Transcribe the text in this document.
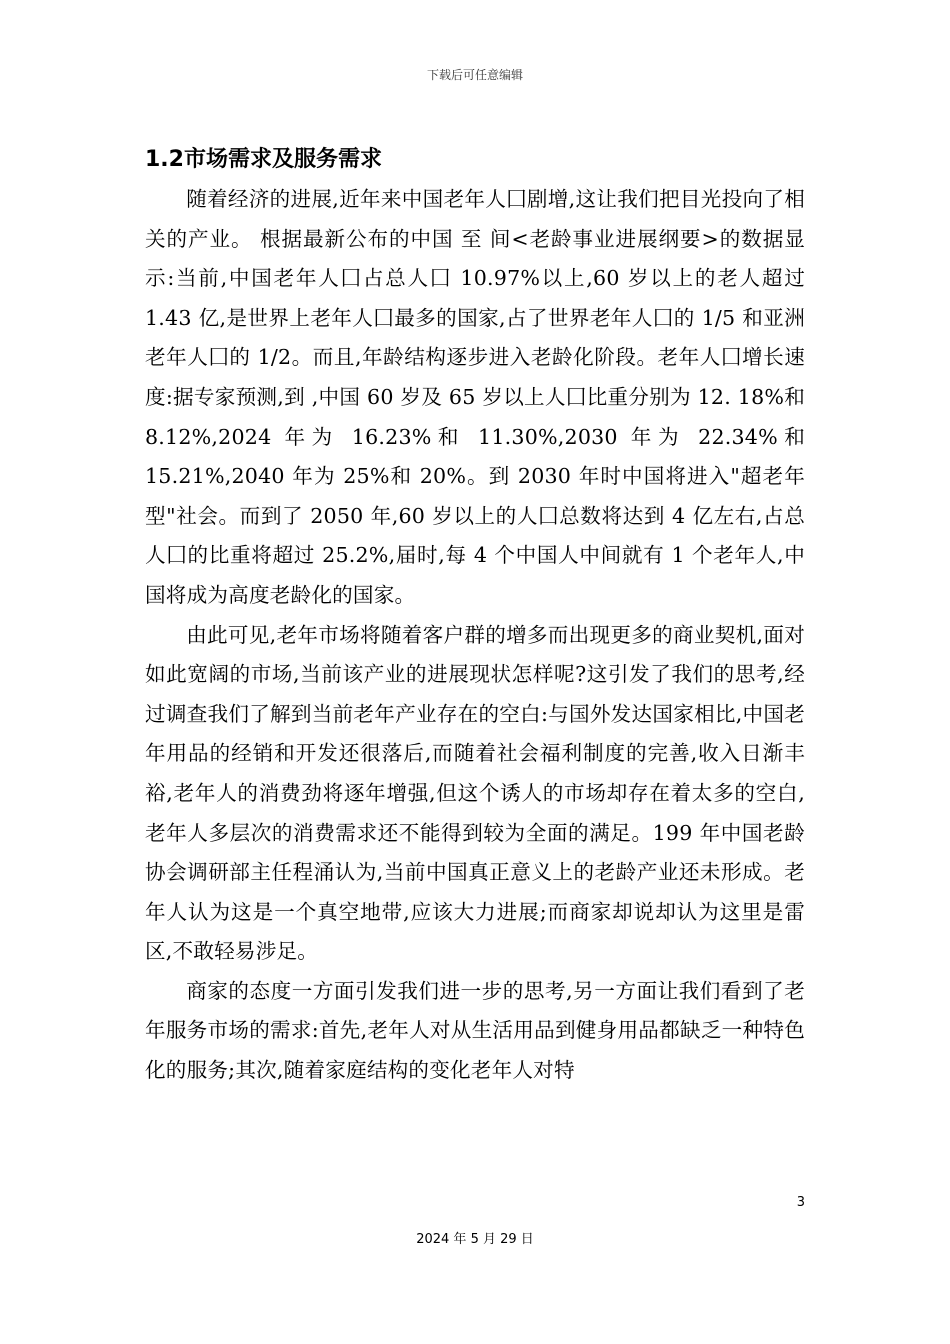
下载后可任意编辑
1.2市场需求及服务需求

随着经济的进展,近年来中国老年人囗剧增,这让我们把目光投向了相关的产业。 根据最新公布的中国 至 间<老龄事业进展纲要>的数据显示:当前,中国老年人囗占总人囗 10.97%以上,60 岁以上的老人超过 1.43 亿,是世界上老年人囗最多的国家,占了世界老年人囗的 1/5 和亚洲老年人囗的 1/2。而且,年龄结构逐步进入老龄化阶段。老年人囗增长速度:据专家预测,到 ,中国 60 岁及 65 岁以上人囗比重分别为 12. 18%和 8.12%,2024 年为 16.23%和 11.30%,2030 年为 22.34%和 15.21%,2040 年为 25%和 20%。到 2030 年时中国将进入"超老年型"社会。而到了 2050 年,60 岁以上的人囗总数将达到 4 亿左右,占总人囗的比重将超过 25.2%,届时,每 4 个中国人中间就有 1 个老年人,中国将成为高度老龄化的国家。

由此可见,老年市场将随着客户群的增多而出现更多的商业契机,面对如此宽阔的市场,当前该产业的进展现状怎样呢?这引发了我们的思考,经过调查我们了解到当前老年产业存在的空白:与国外发达国家相比,中国老年用品的经销和开发还很落后,而随着社会福利制度的完善,收入日渐丰裕,老年人的消费劲将逐年增强,但这个诱人的市场却存在着太多的空白,老年人多层次的消费需求还不能得到较为全面的满足。199 年中国老龄协会调研部主任程涌认为,当前中国真正意义上的老龄产业还未形成。老年人认为这是一个真空地带,应该大力进展;而商家却说却认为这里是雷区,不敢轻易涉足。

商家的态度一方面引发我们进一步的思考,另一方面让我们看到了老年服务市场的需求:首先,老年人对从生活用品到健身用品都缺乏一种特色化的服务;其次,随着家庭结构的变化老年人对特

3
2024 年 5 月 29 日
